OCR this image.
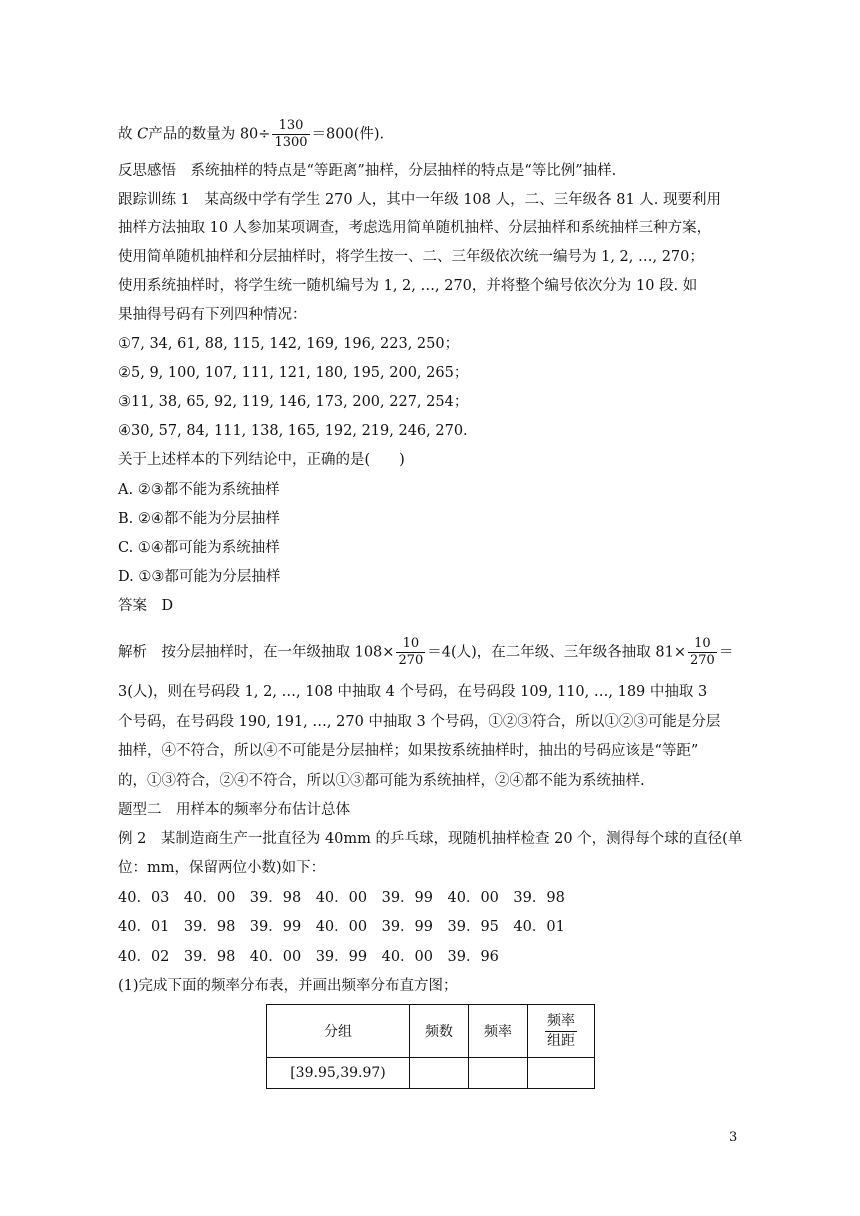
故 C产品的数量为 $80\div \frac{130}{1300} =800$(件).
反思感悟　系统抽样的特点是“等距离”抽样，分层抽样的特点是“等比例”抽样.
跟踪训练 1　某高级中学有学生 270 人，其中一年级 108 人，二、三年级各 81 人. 现要利用
抽样方法抽取 10 人参加某项调查，考虑选用简单随机抽样、分层抽样和系统抽样三种方案，
使用简单随机抽样和分层抽样时，将学生按一、二、三年级依次统一编号为 1, 2, …, 270；
使用系统抽样时，将学生统一随机编号为 1, 2, …, 270，并将整个编号依次分为 10 段. 如
果抽得号码有下列四种情况：
①7, 34, 61, 88, 115, 142, 169, 196, 223, 250；
②5, 9, 100, 107, 111, 121, 180, 195, 200, 265；
③11, 38, 65, 92, 119, 146, 173, 200, 227, 254；
④30, 57, 84, 111, 138, 165, 192, 219, 246, 270.
关于上述样本的下列结论中，正确的是(　　)
A. ②③都不能为系统抽样
B. ②④都不能为分层抽样
C. ①④都可能为系统抽样
D. ①③都可能为分层抽样
答案　D
解析　按分层抽样时，在一年级抽取 $108\times \frac{10}{270} =4$(人)，在二年级、三年级各抽取 $81\times \frac{10}{270}$ ＝
3(人)，则在号码段 1, 2, …, 108 中抽取 4 个号码，在号码段 109, 110, …, 189 中抽取 3
个号码，在号码段 190, 191, …, 270 中抽取 3 个号码，①②③符合，所以①②③可能是分层
抽样，④不符合，所以④不可能是分层抽样；如果按系统抽样时，抽出的号码应该是“等距”
的，①③符合，②④不符合，所以①③都可能为系统抽样，②④都不能为系统抽样.
题型二　用样本的频率分布估计总体
例 2　某制造商生产一批直径为 40mm 的乒乓球，现随机抽样检查 20 个，测得每个球的直径(单
位：mm，保留两位小数)如下：
40．03　40．00　39．98　40．00　39．99　40．00　39．98
40．01　39．98　39．99　40．00　39．99　39．95　40．01
40．02　39．98　40．00　39．99　40．00　39．96
(1)完成下面的频率分布表，并画出频率分布直方图；
分组	频数	频率	$\frac{\text{频率}}{\text{组距}}$

[39.95,39.97)			
3
